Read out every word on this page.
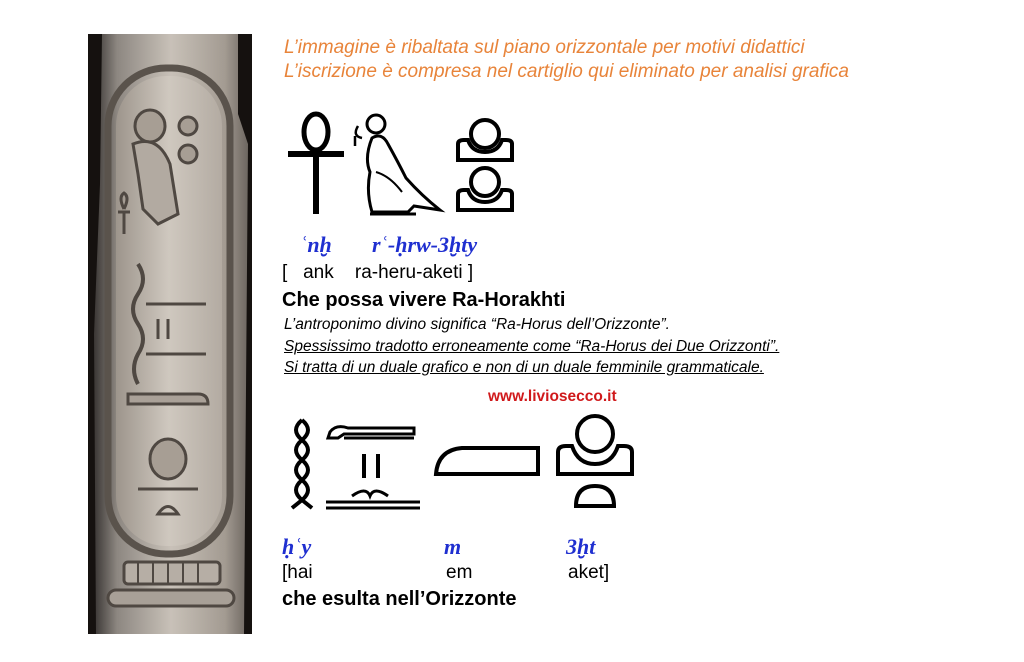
L’immagine è ribaltata sul piano orizzontale per motivi didattici
L’iscrizione è compresa nel cartiglio qui eliminato per analisi grafica
ʿnḫ rʿ-ḥrw-3ḫty
[   ank    ra-heru-aketi ]
Che possa vivere Ra-Horakhti
L’antroponimo divino significa “Ra-Horus dell’Orizzonte”.
Spessissimo tradotto erroneamente come “Ra-Horus dei Due Orizzonti”.
Si tratta di un duale grafico e non di un duale femminile grammaticale.
www.liviosecco.it
ḥʿy	m	3ḫt
[hai	em	aket]
che esulta nell’Orizzonte
